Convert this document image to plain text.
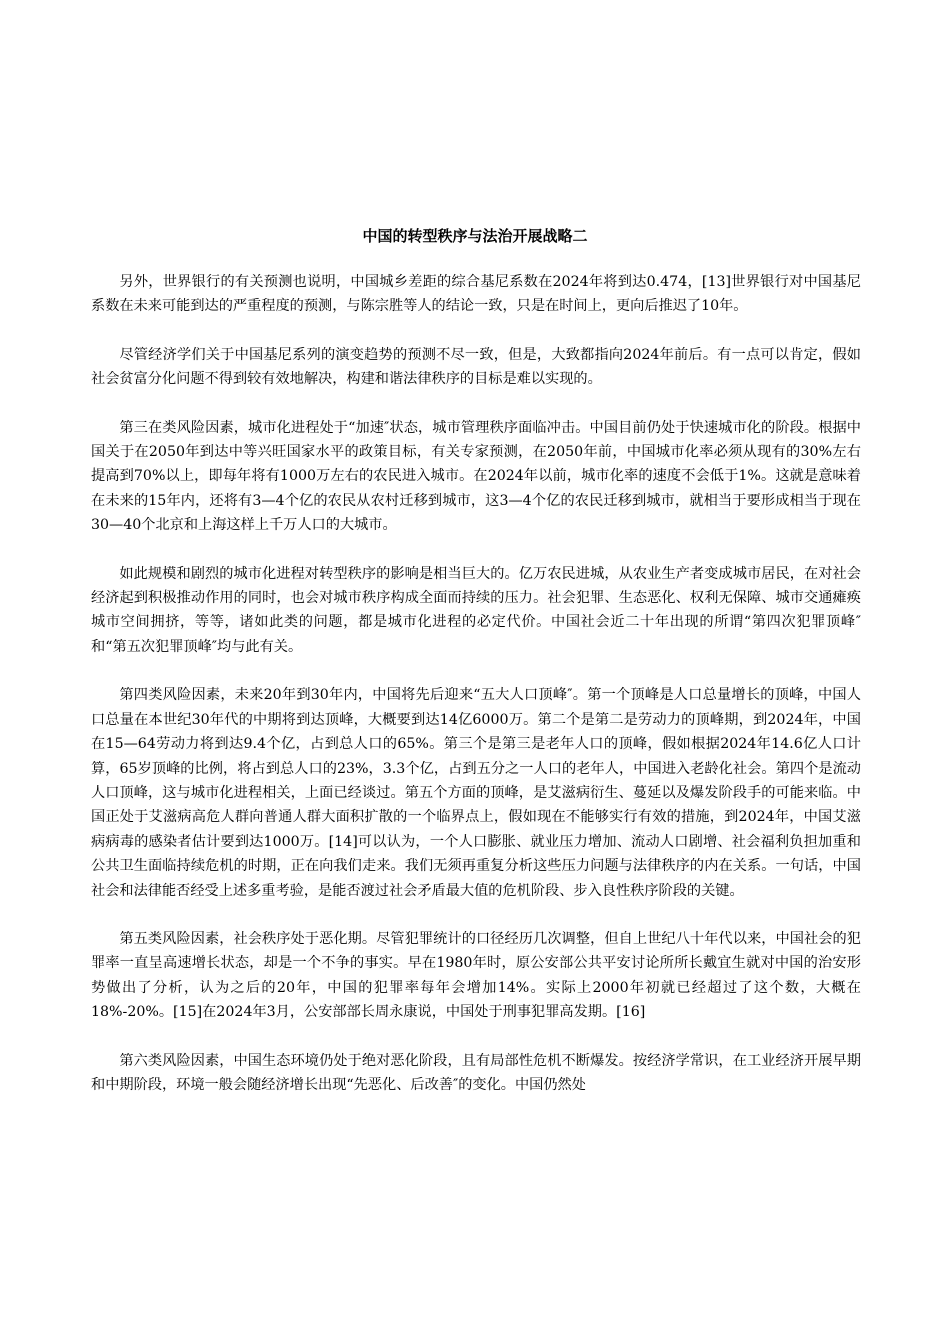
中国的转型秩序与法治开展战略二

另外，世界银行的有关预测也说明，中国城乡差距的综合基尼系数在2024年将到达0.474，[13]世界银行对中国基尼系数在未来可能到达的严重程度的预测，与陈宗胜等人的结论一致，只是在时间上，更向后推迟了10年。

尽管经济学们关于中国基尼系列的演变趋势的预测不尽一致，但是，大致都指向2024年前后。有一点可以肯定，假如社会贫富分化问题不得到较有效地解决，构建和谐法律秩序的目标是难以实现的。

第三在类风险因素，城市化进程处于“加速″状态，城市管理秩序面临冲击。中国目前仍处于快速城市化的阶段。根据中国关于在2050年到达中等兴旺国家水平的政策目标，有关专家预测，在2050年前，中国城市化率必须从现有的30%左右提高到70%以上，即每年将有1000万左右的农民进入城市。在2024年以前，城市化率的速度不会低于1%。这就是意味着在未来的15年内，还将有3—4个亿的农民从农村迁移到城市，这3—4个亿的农民迁移到城市，就相当于要形成相当于现在30—40个北京和上海这样上千万人口的大城市。

如此规模和剧烈的城市化进程对转型秩序的影响是相当巨大的。亿万农民进城，从农业生产者变成城市居民，在对社会经济起到积极推动作用的同时，也会对城市秩序构成全面而持续的压力。社会犯罪、生态恶化、权利无保障、城市交通瘫痪城市空间拥挤，等等，诸如此类的问题，都是城市化进程的必定代价。中国社会近二十年出现的所谓“第四次犯罪顶峰″和“第五次犯罪顶峰″均与此有关。

第四类风险因素，未来20年到30年内，中国将先后迎来“五大人口顶峰″。第一个顶峰是人口总量增长的顶峰，中国人口总量在本世纪30年代的中期将到达顶峰，大概要到达14亿6000万。第二个是第二是劳动力的顶峰期，到2024年，中国在15—64劳动力将到达9.4个亿，占到总人口的65%。第三个是第三是老年人口的顶峰，假如根据2024年14.6亿人口计算，65岁顶峰的比例，将占到总人口的23%，3.3个亿，占到五分之一人口的老年人，中国进入老龄化社会。第四个是流动人口顶峰，这与城市化进程相关，上面已经谈过。第五个方面的顶峰，是艾滋病衍生、蔓延以及爆发阶段手的可能来临。中国正处于艾滋病高危人群向普通人群大面积扩散的一个临界点上，假如现在不能够实行有效的措施，到2024年，中国艾滋病病毒的感染者估计要到达1000万。[14]可以认为，一个人口膨胀、就业压力增加、流动人口剧增、社会福利负担加重和公共卫生面临持续危机的时期，正在向我们走来。我们无须再重复分析这些压力问题与法律秩序的内在关系。一句话，中国社会和法律能否经受上述多重考验，是能否渡过社会矛盾最大值的危机阶段、步入良性秩序阶段的关键。

第五类风险因素，社会秩序处于恶化期。尽管犯罪统计的口径经历几次调整，但自上世纪八十年代以来，中国社会的犯罪率一直呈高速增长状态，却是一个不争的事实。早在1980年时，原公安部公共平安讨论所所长戴宜生就对中国的治安形势做出了分析，认为之后的20年，中国的犯罪率每年会增加14%。实际上2000年初就已经超过了这个数，大概在18%-20%。[15]在2024年3月，公安部部长周永康说，中国处于刑事犯罪高发期。[16]

第六类风险因素，中国生态环境仍处于绝对恶化阶段，且有局部性危机不断爆发。按经济学常识，在工业经济开展早期和中期阶段，环境一般会随经济增长出现“先恶化、后改善″的变化。中国仍然处
